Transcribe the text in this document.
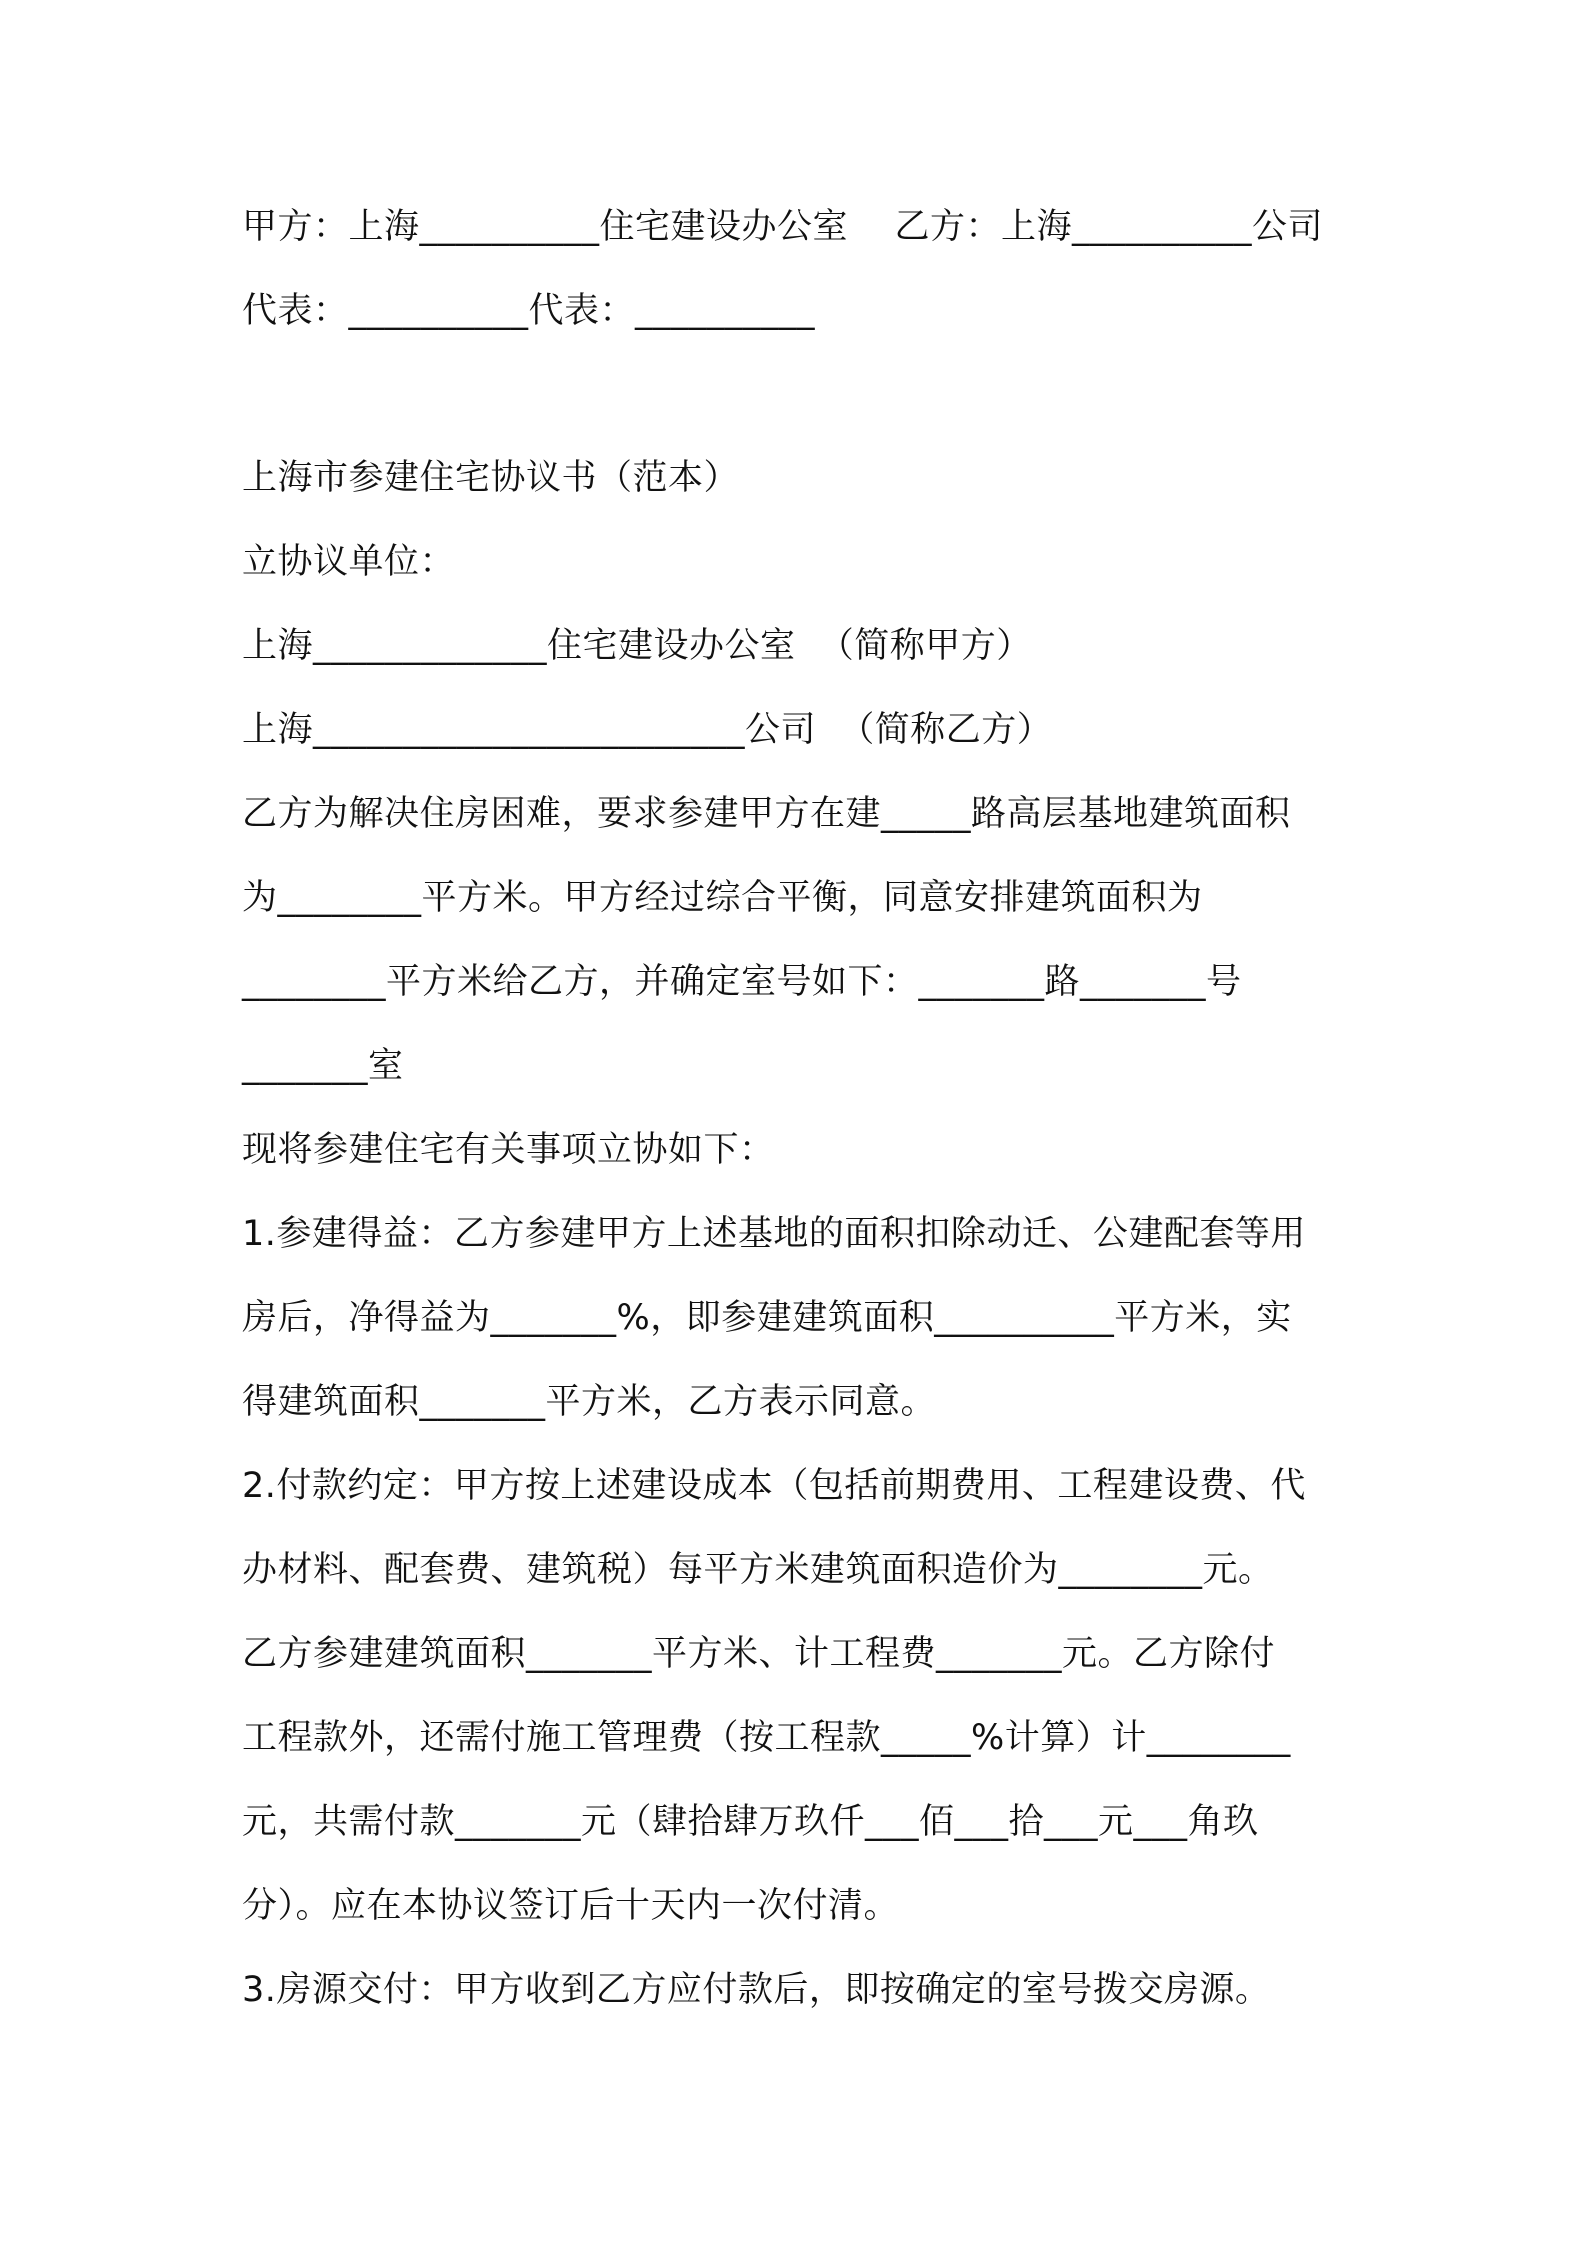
甲方：上海__________住宅建设办公室    乙方：上海__________公司

代表：__________代表：__________

上海市参建住宅协议书（范本）

立协议单位：

上海_____________住宅建设办公室  （简称甲方）

上海________________________公司  （简称乙方）

乙方为解决住房困难，要求参建甲方在建_____路高层基地建筑面积

为________平方米。甲方经过综合平衡，同意安排建筑面积为

________平方米给乙方，并确定室号如下：_______路_______号

_______室

现将参建住宅有关事项立协如下：

1.参建得益：乙方参建甲方上述基地的面积扣除动迁、公建配套等用

房后，净得益为_______%，即参建建筑面积__________平方米，实

得建筑面积_______平方米，乙方表示同意。

2.付款约定：甲方按上述建设成本（包括前期费用、工程建设费、代

办材料、配套费、建筑税）每平方米建筑面积造价为________元。

乙方参建建筑面积_______平方米、计工程费_______元。乙方除付

工程款外，还需付施工管理费（按工程款_____%计算）计________

元，共需付款_______元（肆拾肆万玖仟___佰___拾___元___角玖

分）。应在本协议签订后十天内一次付清。

3.房源交付：甲方收到乙方应付款后，即按确定的室号拨交房源。
